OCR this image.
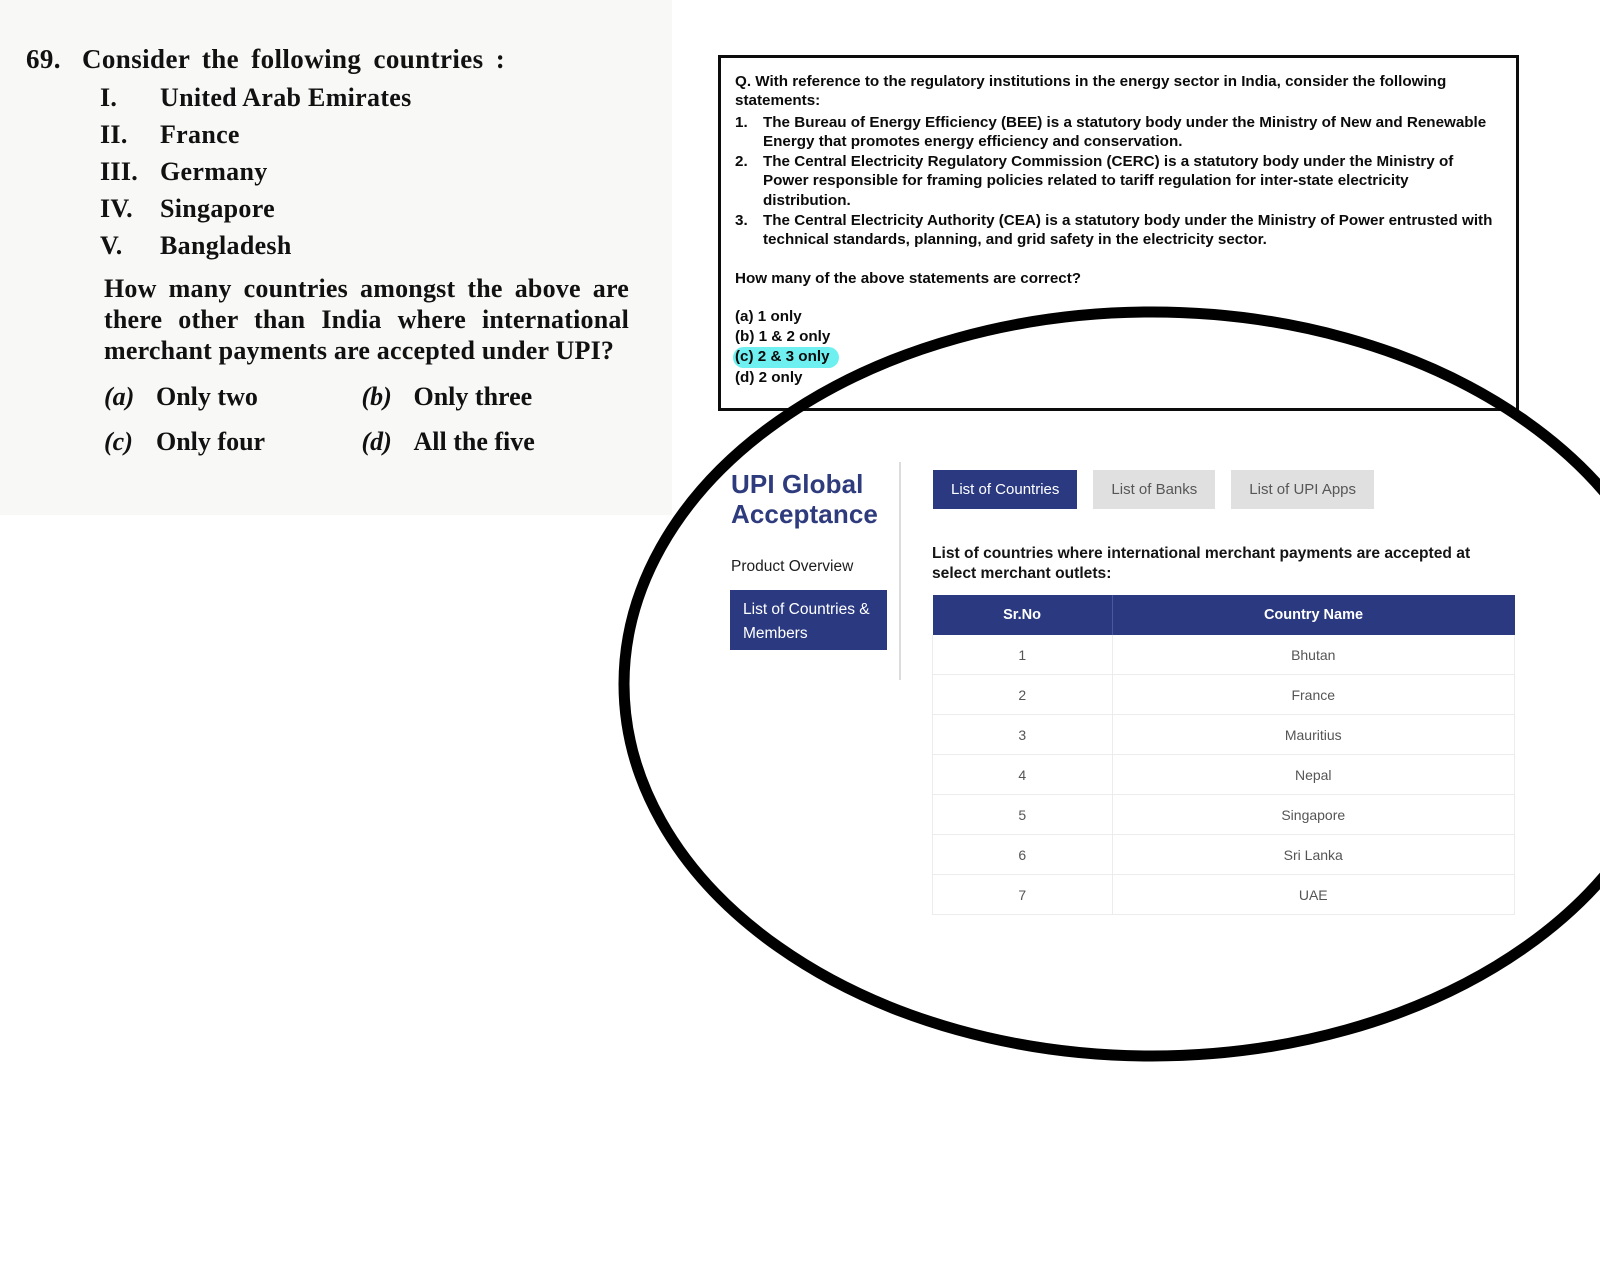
69. Consider the following countries :
I.	United Arab Emirates
II.	France
III. Germany
IV.	Singapore
V.	Bangladesh
How many countries amongst the above are there other than India where international merchant payments are accepted under UPI?
(a) Only two	(b) Only three
(c) Only four	(d) All the five
Q. With reference to the regulatory institutions in the energy sector in India, consider the following statements:
1.	The Bureau of Energy Efficiency (BEE) is a statutory body under the Ministry of New and Renewable Energy that promotes energy efficiency and conservation.
2.	The Central Electricity Regulatory Commission (CERC) is a statutory body under the Ministry of Power responsible for framing policies related to tariff regulation for inter-state electricity distribution.
3.	The Central Electricity Authority (CEA) is a statutory body under the Ministry of Power entrusted with technical standards, planning, and grid safety in the electricity sector.
How many of the above statements are correct?
(a) 1 only
(b) 1 & 2 only
(c) 2 & 3 only
(d) 2 only
UPI Global Acceptance
Product Overview
List of Countries & Members
List of Countries	List of Banks	List of UPI Apps
List of countries where international merchant payments are accepted at select merchant outlets:
Sr.No	Country Name
1	Bhutan
2	France
3	Mauritius
4	Nepal
5	Singapore
6	Sri Lanka
7	UAE
